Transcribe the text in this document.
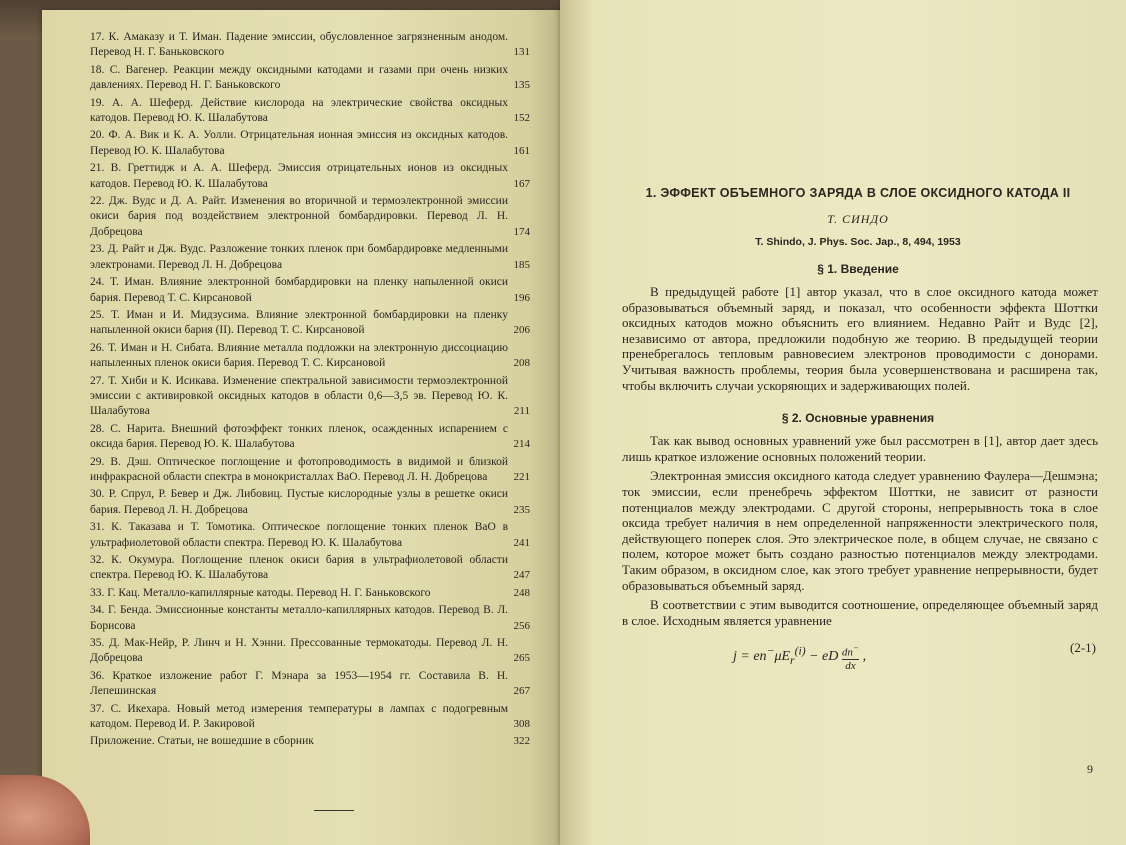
17. К. Амаказу и Т. Иман. Падение эмиссии, обусловленное загрязненным анодом. Перевод Н. Г. Баньковского	131
18. С. Вагенер. Реакции между оксидными катодами и газами при очень низких давлениях. Перевод Н. Г. Баньковского	135
19. А. А. Шеферд. Действие кислорода на электрические свойства оксидных катодов. Перевод Ю. К. Шалабутова	152
20. Ф. А. Вик и К. А. Уолли. Отрицательная ионная эмиссия из оксидных катодов. Перевод Ю. К. Шалабутова	161
21. В. Греттидж и А. А. Шеферд. Эмиссия отрицательных ионов из оксидных катодов. Перевод Ю. К. Шалабутова	167
22. Дж. Вудс и Д. А. Райт. Изменения во вторичной и термоэлектронной эмиссии окиси бария под воздействием электронной бомбардировки. Перевод Л. Н. Добрецова	174
23. Д. Райт и Дж. Вудс. Разложение тонких пленок при бомбардировке медленными электронами. Перевод Л. Н. Добрецова	185
24. Т. Иман. Влияние электронной бомбардировки на пленку напыленной окиси бария. Перевод Т. С. Кирсановой	196
25. Т. Иман и И. Мидзусима. Влияние электронной бомбардировки на пленку напыленной окиси бария (II). Перевод Т. С. Кирсановой	206
26. Т. Иман и Н. Сибата. Влияние металла подложки на электронную диссоциацию напыленных пленок окиси бария. Перевод Т. С. Кирсановой	208
27. Т. Хиби и К. Исикава. Изменение спектральной зависимости термоэлектронной эмиссии с активировкой оксидных катодов в области 0,6—3,5 эв. Перевод Ю. К. Шалабутова	211
28. С. Нарита. Внешний фотоэффект тонких пленок, осажденных испарением с оксида бария. Перевод Ю. К. Шалабутова	214
29. В. Дэш. Оптическое поглощение и фотопроводимость в видимой и близкой инфракрасной области спектра в монокристаллах ВаО. Перевод Л. Н. Добрецова	221
30. Р. Спрул, Р. Бевер и Дж. Либовиц. Пустые кислородные узлы в решетке окиси бария. Перевод Л. Н. Добрецова	235
31. К. Таказава и Т. Томотика. Оптическое поглощение тонких пленок ВаО в ультрафиолетовой области спектра. Перевод Ю. К. Шалабутова	241
32. К. Окумура. Поглощение пленок окиси бария в ультрафиолетовой области спектра. Перевод Ю. К. Шалабутова	247
33. Г. Кац. Металло-капиллярные катоды. Перевод Н. Г. Баньковского	248
34. Г. Бенда. Эмиссионные константы металло-капиллярных катодов. Перевод В. Л. Борисова	256
35. Д. Мак-Нейр, Р. Линч и Н. Хэнни. Прессованные термокатоды. Перевод Л. Н. Добрецова	265
36. Краткое изложение работ Г. Мэнара за 1953—1954 гг. Составила В. Н. Лепешинская	267
37. С. Икехара. Новый метод измерения температуры в лампах с подогревным катодом. Перевод И. Р. Закировой	308
Приложение. Статьи, не вошедшие в сборник	322
1. ЭФФЕКТ ОБЪЕМНОГО ЗАРЯДА В СЛОЕ ОКСИДНОГО КАТОДА II
Т. СИНДО
T. Shindo, J. Phys. Soc. Jap., 8, 494, 1953
§ 1. Введение

В предыдущей работе [1] автор указал, что в слое оксидного катода может образовываться объемный заряд, и показал, что особенности эффекта Шоттки оксидных катодов можно объяснить его влиянием. Недавно Райт и Вудс [2], независимо от автора, предложили подобную же теорию. В предыдущей теории пренебрегалось тепловым равновесием электронов проводимости с донорами. Учитывая важность проблемы, теория была усовершенствована и расширена так, чтобы включить случаи ускоряющих и задерживающих полей.

§ 2. Основные уравнения

Так как вывод основных уравнений уже был рассмотрен в [1], автор дает здесь лишь краткое изложение основных положений теории.

Электронная эмиссия оксидного катода следует уравнению Фаулера—Дешмэна; ток эмиссии, если пренебречь эффектом Шоттки, не зависит от разности потенциалов между электродами. С другой стороны, непрерывность тока в слое оксида требует наличия в нем определенной напряженности электрического поля, действующего поперек слоя. Это электрическое поле, в общем случае, не связано с полем, которое может быть создано разностью потенциалов между электродами. Таким образом, в оксидном слое, как этого требует уравнение непрерывности, будет образовываться объемный заряд.

В соответствии с этим выводится соотношение, определяющее объемный заряд в слое. Исходным является уравнение

$j = en^-\mu E_r^{(i)}$ − eD dn−

dx
,
(2-1)
9
